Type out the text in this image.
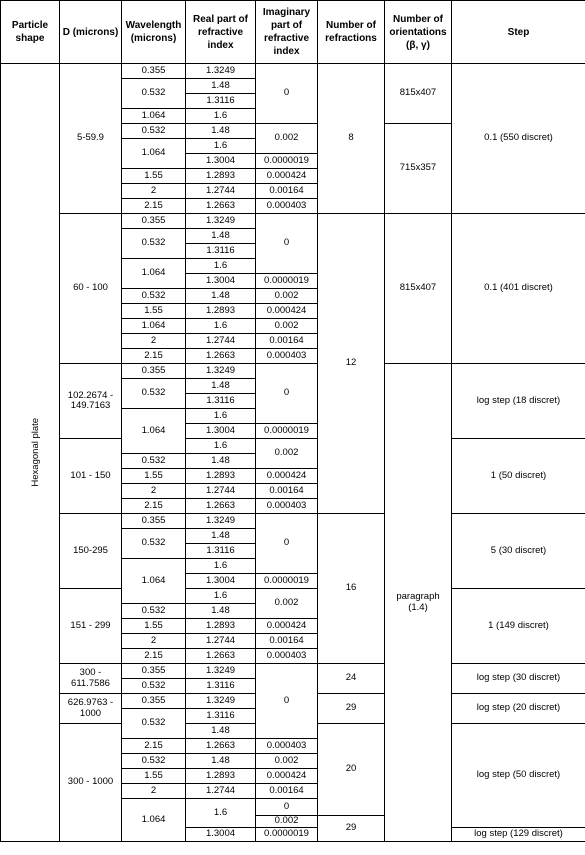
Particle shape	D (microns)	Wavelength (microns)	Real part of refractive index	Imaginary part of refractive index	Number of refractions	Number of orientations (β, γ)	Step
Hexagonal plate	5-59.9	0.355	1.3249	0	8	815x407	0.1 (550 discret)
		0.532	1.48				
			1.3116				
		1.064	1.6				
		0.532	1.48	0.002		715x357	
		1.064	1.6				
			1.3004	0.0000019			
		1.55	1.2893	0.000424			
		2	1.2744	0.00164			
		2.15	1.2663	0.000403			
	60 - 100	0.355	1.3249	0	12	815x407	0.1 (401 discret)
		0.532	1.48				
			1.3116				
		1.064	1.6				
			1.3004	0.0000019			
		0.532	1.48	0.002			
		1.55	1.2893	0.000424			
		1.064	1.6	0.002			
		2	1.2744	0.00164			
		2.15	1.2663	0.000403			
	102.2674 - 149.7163	0.355	1.3249	0		paragraph (1.4)	log step (18 discret)
		0.532	1.48				
			1.3116				
		1.064	1.6				
			1.3004	0.0000019			
	101 - 150		1.6	0.002			1 (50 discret)
		0.532	1.48				
		1.55	1.2893	0.000424			
		2	1.2744	0.00164			
		2.15	1.2663	0.000403			
	150-295	0.355	1.3249	0	16		5 (30 discret)
		0.532	1.48				
			1.3116				
		1.064	1.6				
			1.3004	0.0000019			
	151 - 299		1.6	0.002			1 (149 discret)
		0.532	1.48				
		1.55	1.2893	0.000424			
		2	1.2744	0.00164			
		2.15	1.2663	0.000403			
	300 - 611.7586	0.355	1.3249	0	24		log step (30 discret)
		0.532	1.3116				
	626.9763 - 1000	0.355	1.3249		29		log step (20 discret)
		0.532	1.3116				
	300 - 1000		1.48		20		log step (50 discret)
		2.15	1.2663	0.000403			
		0.532	1.48	0.002			
		1.55	1.2893	0.000424			
		2	1.2744	0.00164			
		1.064	1.6	0			
				0.002	29		
			1.3004	0.0000019			log step (129 discret)
